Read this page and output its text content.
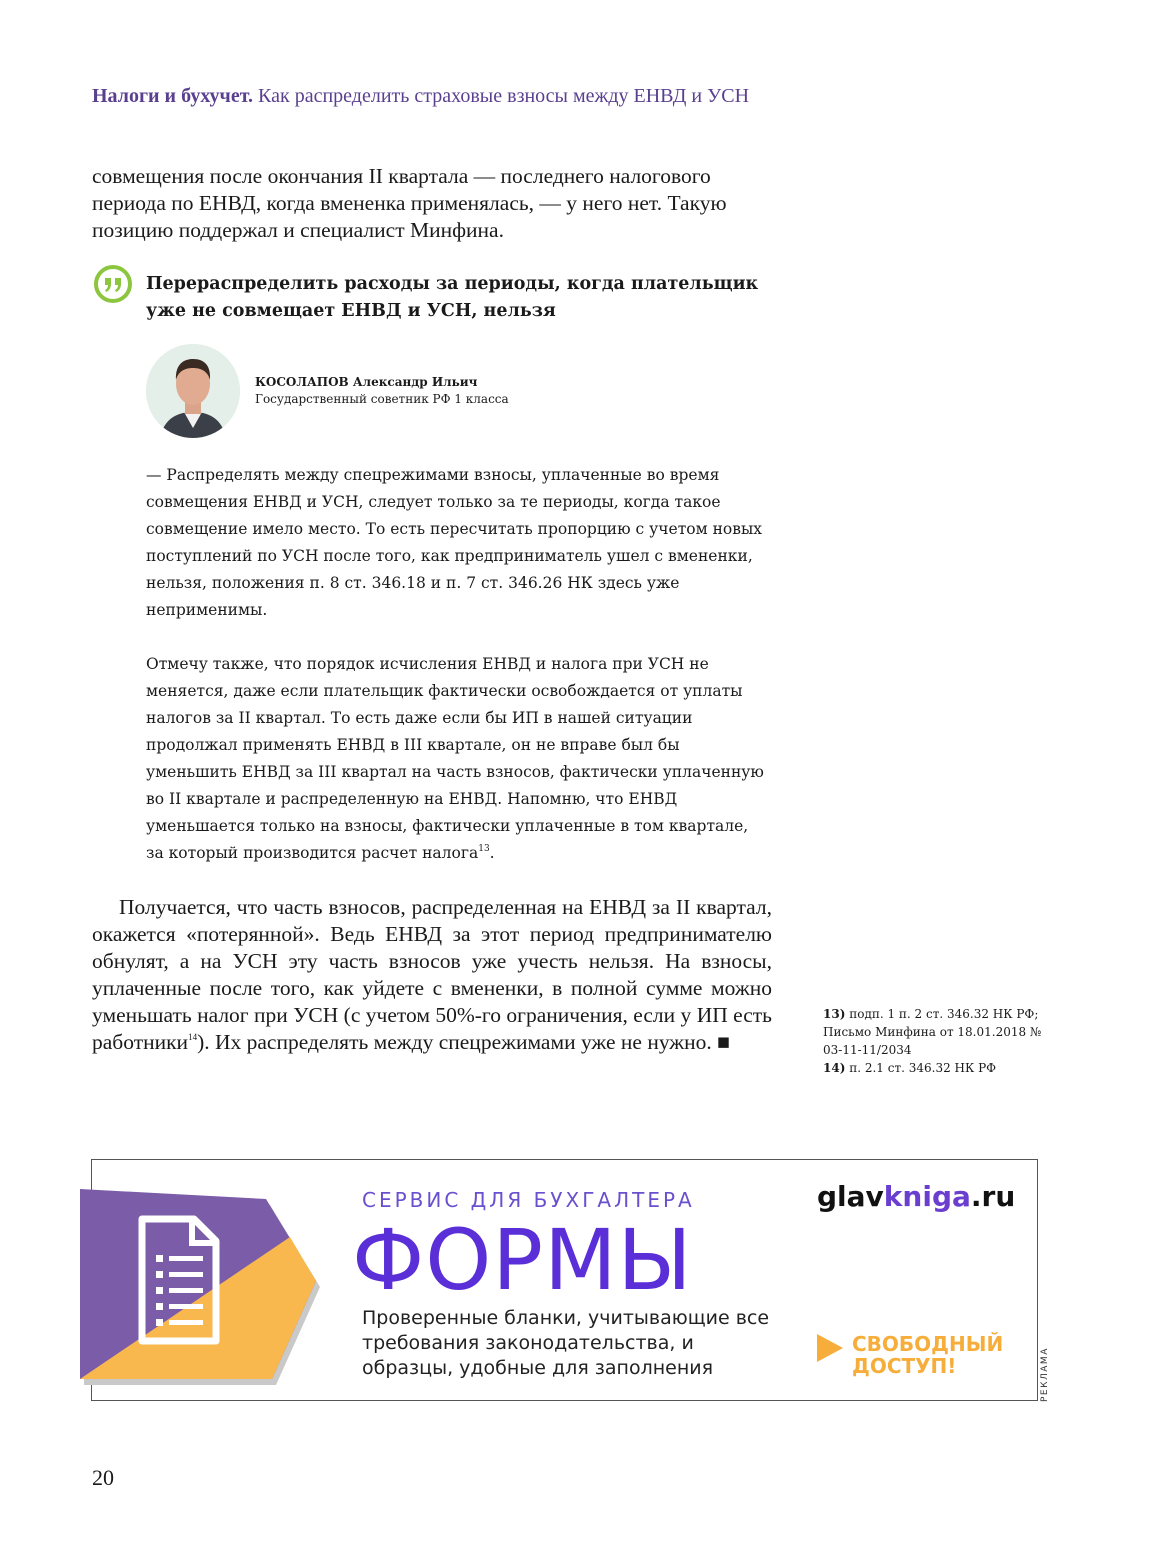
Налоги и бухучет. Как распределить страховые взносы между ЕНВД и УСН
совмещения после окончания II квартала — последнего налогового периода по ЕНВД, когда вмененка применялась, — у него нет. Такую позицию поддержал и специалист Минфина.
Перераспределить расходы за периоды, когда плательщик уже не совмещает ЕНВД и УСН, нельзя
КОСОЛАПОВ Александр Ильич
Государственный советник РФ 1 класса

— Распределять между спецрежимами взносы, уплаченные во время совмещения ЕНВД и УСН, следует только за те периоды, когда такое совмещение имело место. То есть пересчитать пропорцию с учетом новых поступлений по УСН после того, как предприниматель ушел с вмененки, нельзя, положения п. 8 ст. 346.18 и п. 7 ст. 346.26 НК здесь уже неприменимы.

Отмечу также, что порядок исчисления ЕНВД и налога при УСН не меняется, даже если плательщик фактически освобождается от уплаты налогов за II квартал. То есть даже если бы ИП в нашей ситуации продолжал применять ЕНВД в III квартале, он не вправе был бы уменьшить ЕНВД за III квартал на часть взносов, фактически уплаченную во II квартале и распределенную на ЕНВД. Напомню, что ЕНВД уменьшается только на взносы, фактически уплаченные в том квартале, за который производится расчет налога$^{13}$.

Получается, что часть взносов, распределенная на ЕНВД за II квартал, окажется «потерянной». Ведь ЕНВД за этот период предпринимателю обнулят, а на УСН эту часть взносов уже учесть нельзя. На взносы, уплаченные после того, как уйдете с вмененки, в полной сумме можно уменьшать налог при УСН (с учетом 50%-го ограничения, если у ИП есть работники$^{14}$). Их распределять между спецрежимами уже не нужно. ■
13) подп. 1 п. 2 ст. 346.32 НК РФ; Письмо Минфина от 18.01.2018 № 03-11-11/2034
14) п. 2.1 ст. 346.32 НК РФ
СЕРВИС ДЛЯ БУХГАЛТЕРА
ФОРМЫ
Проверенные бланки, учитывающие все требования законодательства, и образцы, удобные для заполнения
glavkniga.ru
СВОБОДНЫЙ
ДОСТУП!	РЕКЛАМА
20
